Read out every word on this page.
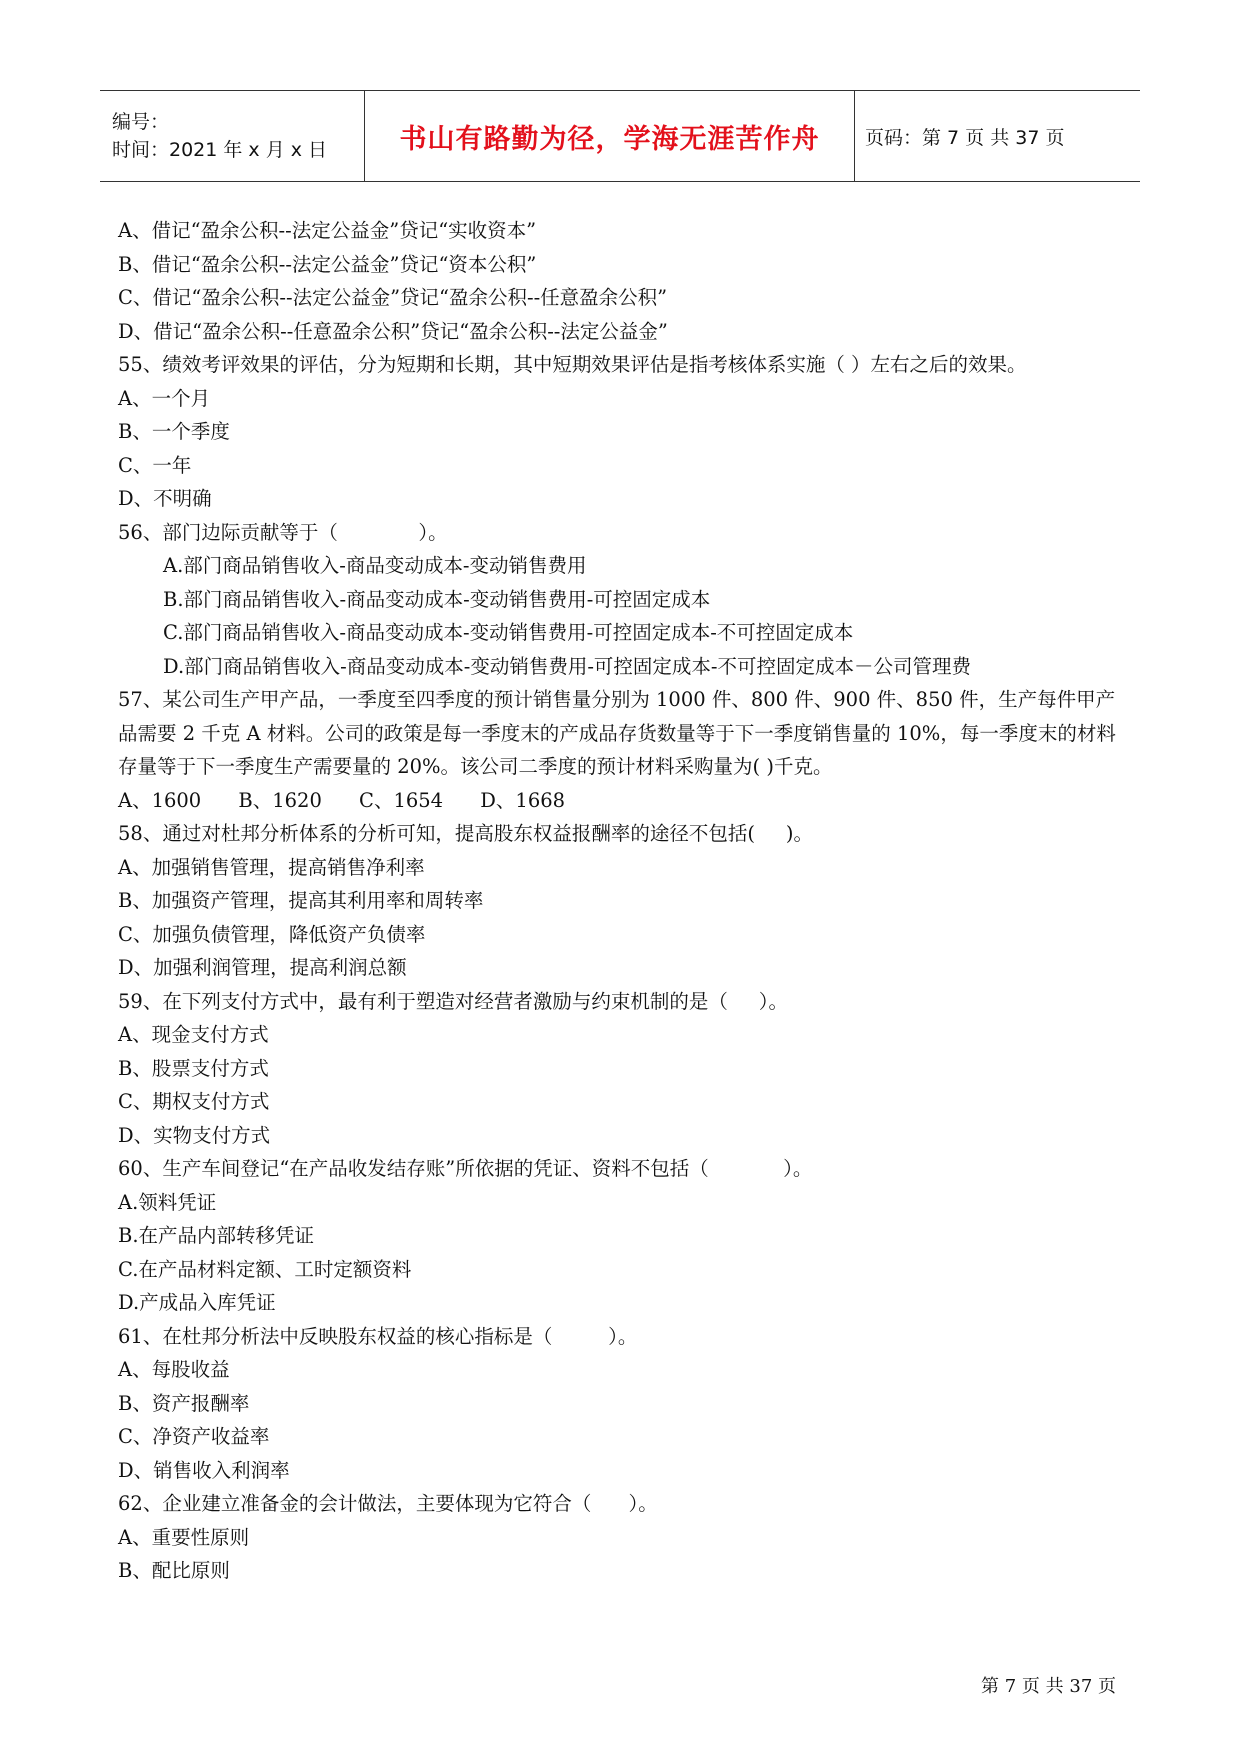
编号：
时间：2021 年 x 月 x 日	书山有路勤为径，学海无涯苦作舟 页码：第 7 页 共 37 页
A、借记“盈余公积--法定公益金”贷记“实收资本”
B、借记“盈余公积--法定公益金”贷记“资本公积”
C、借记“盈余公积--法定公益金”贷记“盈余公积--任意盈余公积”
D、借记“盈余公积--任意盈余公积”贷记“盈余公积--法定公益金”
55、绩效考评效果的评估，分为短期和长期，其中短期效果评估是指考核体系实施（ ）左右之后的效果。
A、一个月
B、一个季度
C、一年
D、不明确
56、部门边际贡献等于（             ）。
A.部门商品销售收入-商品变动成本-变动销售费用
B.部门商品销售收入-商品变动成本-变动销售费用-可控固定成本
C.部门商品销售收入-商品变动成本-变动销售费用-可控固定成本-不可控固定成本
D.部门商品销售收入-商品变动成本-变动销售费用-可控固定成本-不可控固定成本－公司管理费
57、某公司生产甲产品，一季度至四季度的预计销售量分别为 1000 件、800 件、900 件、850 件，生产每件甲产品需要 2 千克 A 材料。公司的政策是每一季度末的产成品存货数量等于下一季度销售量的 10%，每一季度末的材料存量等于下一季度生产需要量的 20%。该公司二季度的预计材料采购量为( )千克。
A、1600      B、1620      C、1654      D、1668
58、通过对杜邦分析体系的分析可知，提高股东权益报酬率的途径不包括(     )。
A、加强销售管理，提高销售净利率
B、加强资产管理，提高其利用率和周转率
C、加强负债管理，降低资产负债率
D、加强利润管理，提高利润总额
59、在下列支付方式中，最有利于塑造对经营者激励与约束机制的是（     ）。
A、现金支付方式
B、股票支付方式
C、期权支付方式
D、实物支付方式
60、生产车间登记“在产品收发结存账”所依据的凭证、资料不包括（            ）。
A.领料凭证
B.在产品内部转移凭证
C.在产品材料定额、工时定额资料
D.产成品入库凭证
61、在杜邦分析法中反映股东权益的核心指标是（         ）。
A、每股收益
B、资产报酬率
C、净资产收益率
D、销售收入利润率
62、企业建立准备金的会计做法，主要体现为它符合（      ）。
A、重要性原则
B、配比原则
第 7 页 共 37 页
